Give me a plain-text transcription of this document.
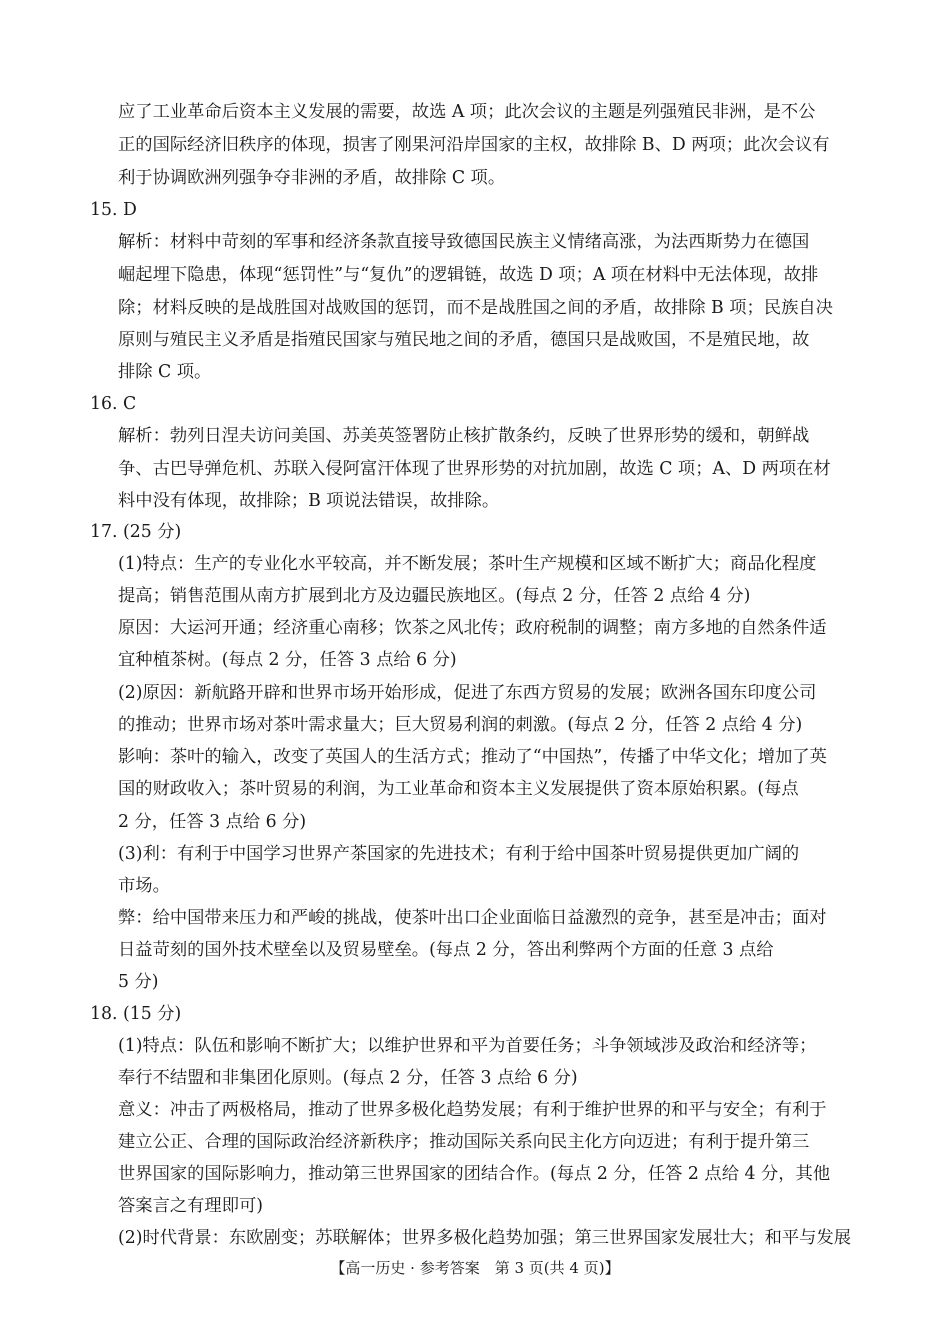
应了工业革命后资本主义发展的需要，故选 A 项；此次会议的主题是列强殖民非洲，是不公
正的国际经济旧秩序的体现，损害了刚果河沿岸国家的主权，故排除 B、D 两项；此次会议有
利于协调欧洲列强争夺非洲的矛盾，故排除 C 项。
15. D
解析：材料中苛刻的军事和经济条款直接导致德国民族主义情绪高涨，为法西斯势力在德国
崛起埋下隐患，体现“惩罚性”与“复仇”的逻辑链，故选 D 项；A 项在材料中无法体现，故排
除；材料反映的是战胜国对战败国的惩罚，而不是战胜国之间的矛盾，故排除 B 项；民族自决
原则与殖民主义矛盾是指殖民国家与殖民地之间的矛盾，德国只是战败国，不是殖民地，故
排除 C 项。
16. C
解析：勃列日涅夫访问美国、苏美英签署防止核扩散条约，反映了世界形势的缓和，朝鲜战
争、古巴导弹危机、苏联入侵阿富汗体现了世界形势的对抗加剧，故选 C 项；A、D 两项在材
料中没有体现，故排除；B 项说法错误，故排除。
17. (25 分)
(1)特点：生产的专业化水平较高，并不断发展；茶叶生产规模和区域不断扩大；商品化程度
提高；销售范围从南方扩展到北方及边疆民族地区。(每点 2 分，任答 2 点给 4 分)
原因：大运河开通；经济重心南移；饮茶之风北传；政府税制的调整；南方多地的自然条件适
宜种植茶树。(每点 2 分，任答 3 点给 6 分)
(2)原因：新航路开辟和世界市场开始形成，促进了东西方贸易的发展；欧洲各国东印度公司
的推动；世界市场对茶叶需求量大；巨大贸易利润的刺激。(每点 2 分，任答 2 点给 4 分)
影响：茶叶的输入，改变了英国人的生活方式；推动了“中国热”，传播了中华文化；增加了英
国的财政收入；茶叶贸易的利润，为工业革命和资本主义发展提供了资本原始积累。(每点
2 分，任答 3 点给 6 分)
(3)利：有利于中国学习世界产茶国家的先进技术；有利于给中国茶叶贸易提供更加广阔的
市场。
弊：给中国带来压力和严峻的挑战，使茶叶出口企业面临日益激烈的竞争，甚至是冲击；面对
日益苛刻的国外技术壁垒以及贸易壁垒。(每点 2 分，答出利弊两个方面的任意 3 点给
5 分)
18. (15 分)
(1)特点：队伍和影响不断扩大；以维护世界和平为首要任务；斗争领域涉及政治和经济等；
奉行不结盟和非集团化原则。(每点 2 分，任答 3 点给 6 分)
意义：冲击了两极格局，推动了世界多极化趋势发展；有利于维护世界的和平与安全；有利于
建立公正、合理的国际政治经济新秩序；推动国际关系向民主化方向迈进；有利于提升第三
世界国家的国际影响力，推动第三世界国家的团结合作。(每点 2 分，任答 2 点给 4 分，其他
答案言之有理即可)
(2)时代背景：东欧剧变；苏联解体；世界多极化趋势加强；第三世界国家发展壮大；和平与发展
【高一历史 · 参考答案　第 3 页(共 4 页)】
